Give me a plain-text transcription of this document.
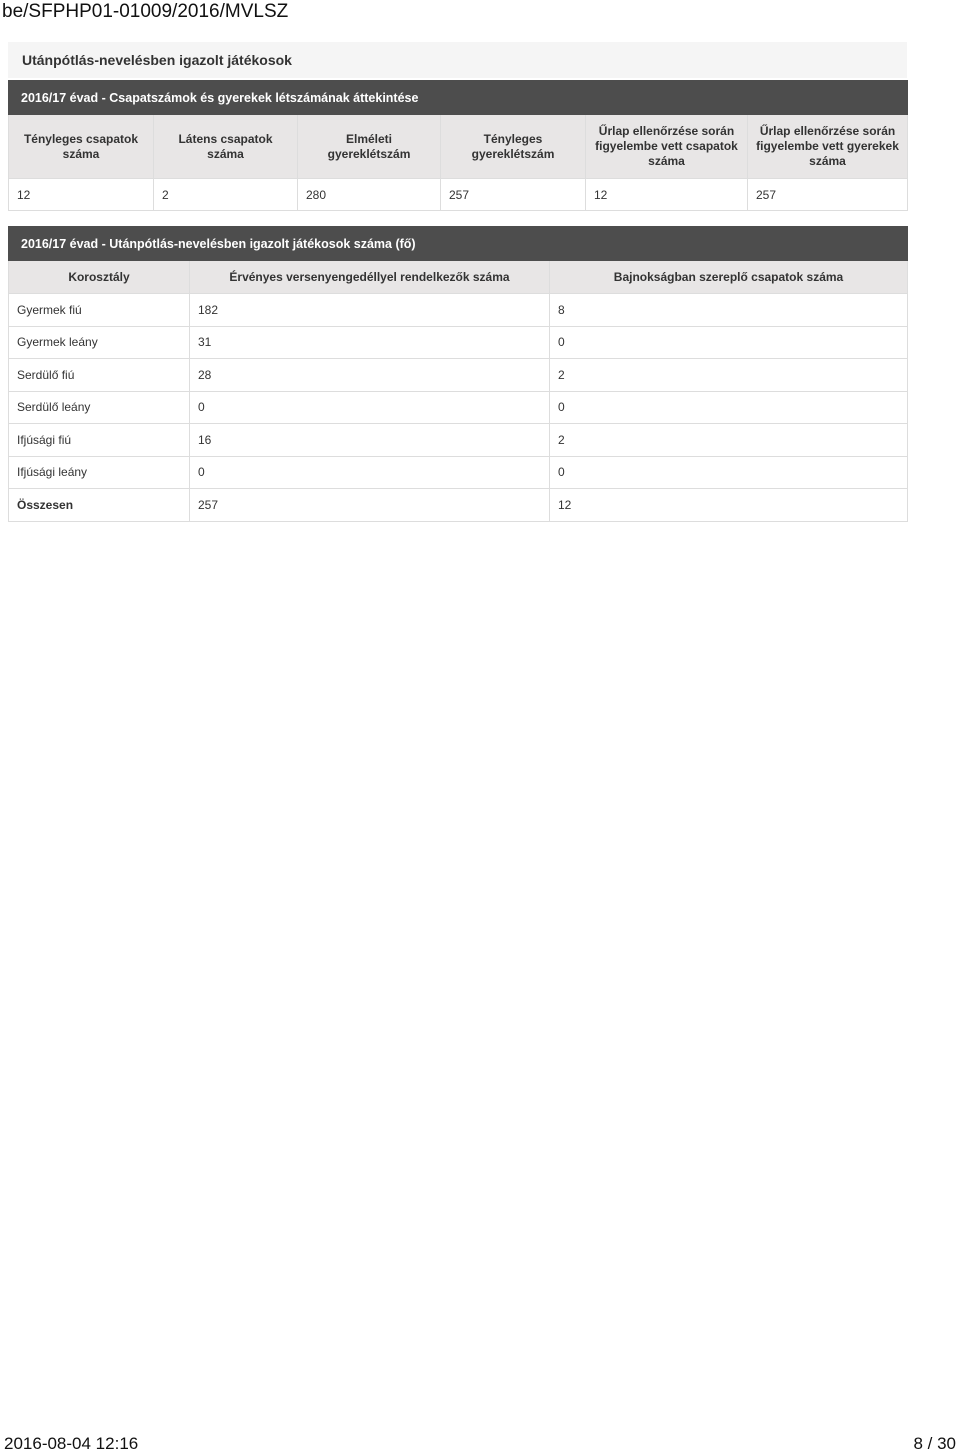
be/SFPHP01-01009/2016/MVLSZ
Utánpótlás-nevelésben igazolt játékosok
2016/17 évad - Csapatszámok és gyerekek létszámának áttekintése					
Tényleges csapatok száma	Látens csapatok száma	Elméleti gyereklétszám	Tényleges gyereklétszám	Űrlap ellenőrzése során figyelembe vett csapatok száma	Űrlap ellenőrzése során figyelembe vett gyerekek száma
12	2	280	257	12	257
2016/17 évad - Utánpótlás-nevelésben igazolt játékosok száma (fő)		
Korosztály	Érvényes versenyengedéllyel rendelkezők száma	Bajnokságban szereplő csapatok száma
Gyermek fiú	182	8
Gyermek leány	31	0
Serdülő fiú	28	2
Serdülő leány	0	0
Ifjúsági fiú	16	2
Ifjúsági leány	0	0
Összesen	257	12
2016-08-04 12:16	8 / 30
